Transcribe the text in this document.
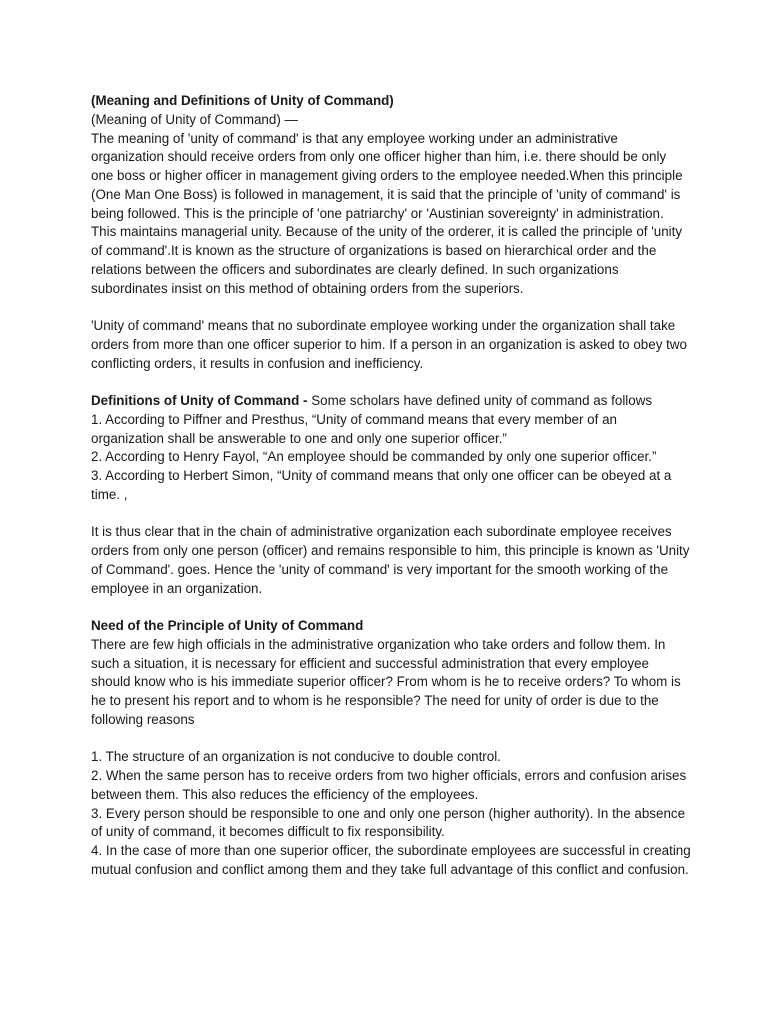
(Meaning and Definitions of Unity of Command)

(Meaning of Unity of Command) —

The meaning of 'unity of command' is that any employee working under an administrative organization should receive orders from only one officer higher than him, i.e. there should be only one boss or higher officer in management giving orders to the employee needed.When this principle (One Man One Boss) is followed in management, it is said that the principle of 'unity of command' is being followed. This is the principle of 'one patriarchy' or 'Austinian sovereignty' in administration. This maintains managerial unity. Because of the unity of the orderer, it is called the principle of 'unity of command'.It is known as the structure of organizations is based on hierarchical order and the relations between the officers and subordinates are clearly defined. In such organizations subordinates insist on this method of obtaining orders from the superiors.

'Unity of command' means that no subordinate employee working under the organization shall take orders from more than one officer superior to him. If a person in an organization is asked to obey two conflicting orders, it results in confusion and inefficiency.

Definitions of Unity of Command - Some scholars have defined unity of command as follows

1. According to Piffner and Presthus, “Unity of command means that every member of an organization shall be answerable to one and only one superior officer.”

2. According to Henry Fayol, “An employee should be commanded by only one superior officer.”

3. According to Herbert Simon, “Unity of command means that only one officer can be obeyed at a time. ,

It is thus clear that in the chain of administrative organization each subordinate employee receives orders from only one person (officer) and remains responsible to him, this principle is known as 'Unity of Command'. goes. Hence the 'unity of command' is very important for the smooth working of the employee in an organization.

Need of the Principle of Unity of Command

There are few high officials in the administrative organization who take orders and follow them. In such a situation, it is necessary for efficient and successful administration that every employee should know who is his immediate superior officer? From whom is he to receive orders? To whom is he to present his report and to whom is he responsible? The need for unity of order is due to the following reasons

1. The structure of an organization is not conducive to double control.

2. When the same person has to receive orders from two higher officials, errors and confusion arises between them. This also reduces the efficiency of the employees.

3. Every person should be responsible to one and only one person (higher authority). In the absence of unity of command, it becomes difficult to fix responsibility.

4. In the case of more than one superior officer, the subordinate employees are successful in creating mutual confusion and conflict among them and they take full advantage of this conflict and confusion.
